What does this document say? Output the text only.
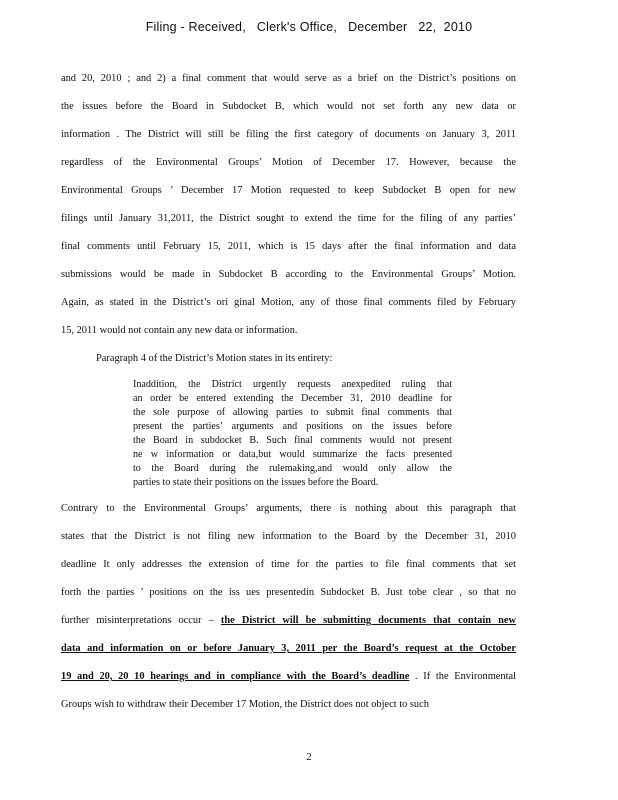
Filing - Received,   Clerk's Office,   December   22,  2010
and 20, 2010 ; and 2) a final comment that would serve as a brief on the District’s positions on
the issues before the Board in Subdocket B, which would not set forth any new data or
information . The District will still be filing the first category of documents on January 3, 2011
regardless of the Environmental Groups’ Motion of December 17. However, because the
Environmental Groups ’ December 17 Motion requested to keep Subdocket B open for new
filings until January 31,2011, the District sought to extend the time for the filing of any parties’
final comments until February 15, 2011, which is 15 days after the final information and data
submissions would be made in Subdocket B according to the Environmental Groups’ Motion.
Again, as stated in the District’s ori ginal Motion, any of those final comments filed by February
15, 2011 would not contain any new data or information.
Paragraph 4 of the District’s Motion states in its entirety:
Inaddition, the District urgently requests anexpedited ruling that
an order be entered extending the December 31, 2010 deadline for
the sole purpose of allowing parties to submit final comments that
present the parties’ arguments and positions on the issues before
the Board in subdocket B. Such final comments would not present
ne w information or data,but would summarize the facts presented
to the Board during the rulemaking,and would only allow the
parties to state their positions on the issues before the Board.
Contrary to the Environmental Groups’ arguments, there is nothing about this paragraph that
states that the District is not filing new information to the Board by the December 31, 2010
deadline It only addresses the extension of time for the parties to file final comments that set
forth the parties ’ positions on the iss ues presentedin Subdocket B. Just tobe clear , so that no
further misinterpretations occur – the District will be submitting documents that contain new
data and information on or before January 3, 2011 per the Board’s request at the October
19 and 20, 20 10 hearings and in compliance with the Board’s deadline . If the Environmental
Groups wish to withdraw their December 17 Motion, the District does not object to such
2
